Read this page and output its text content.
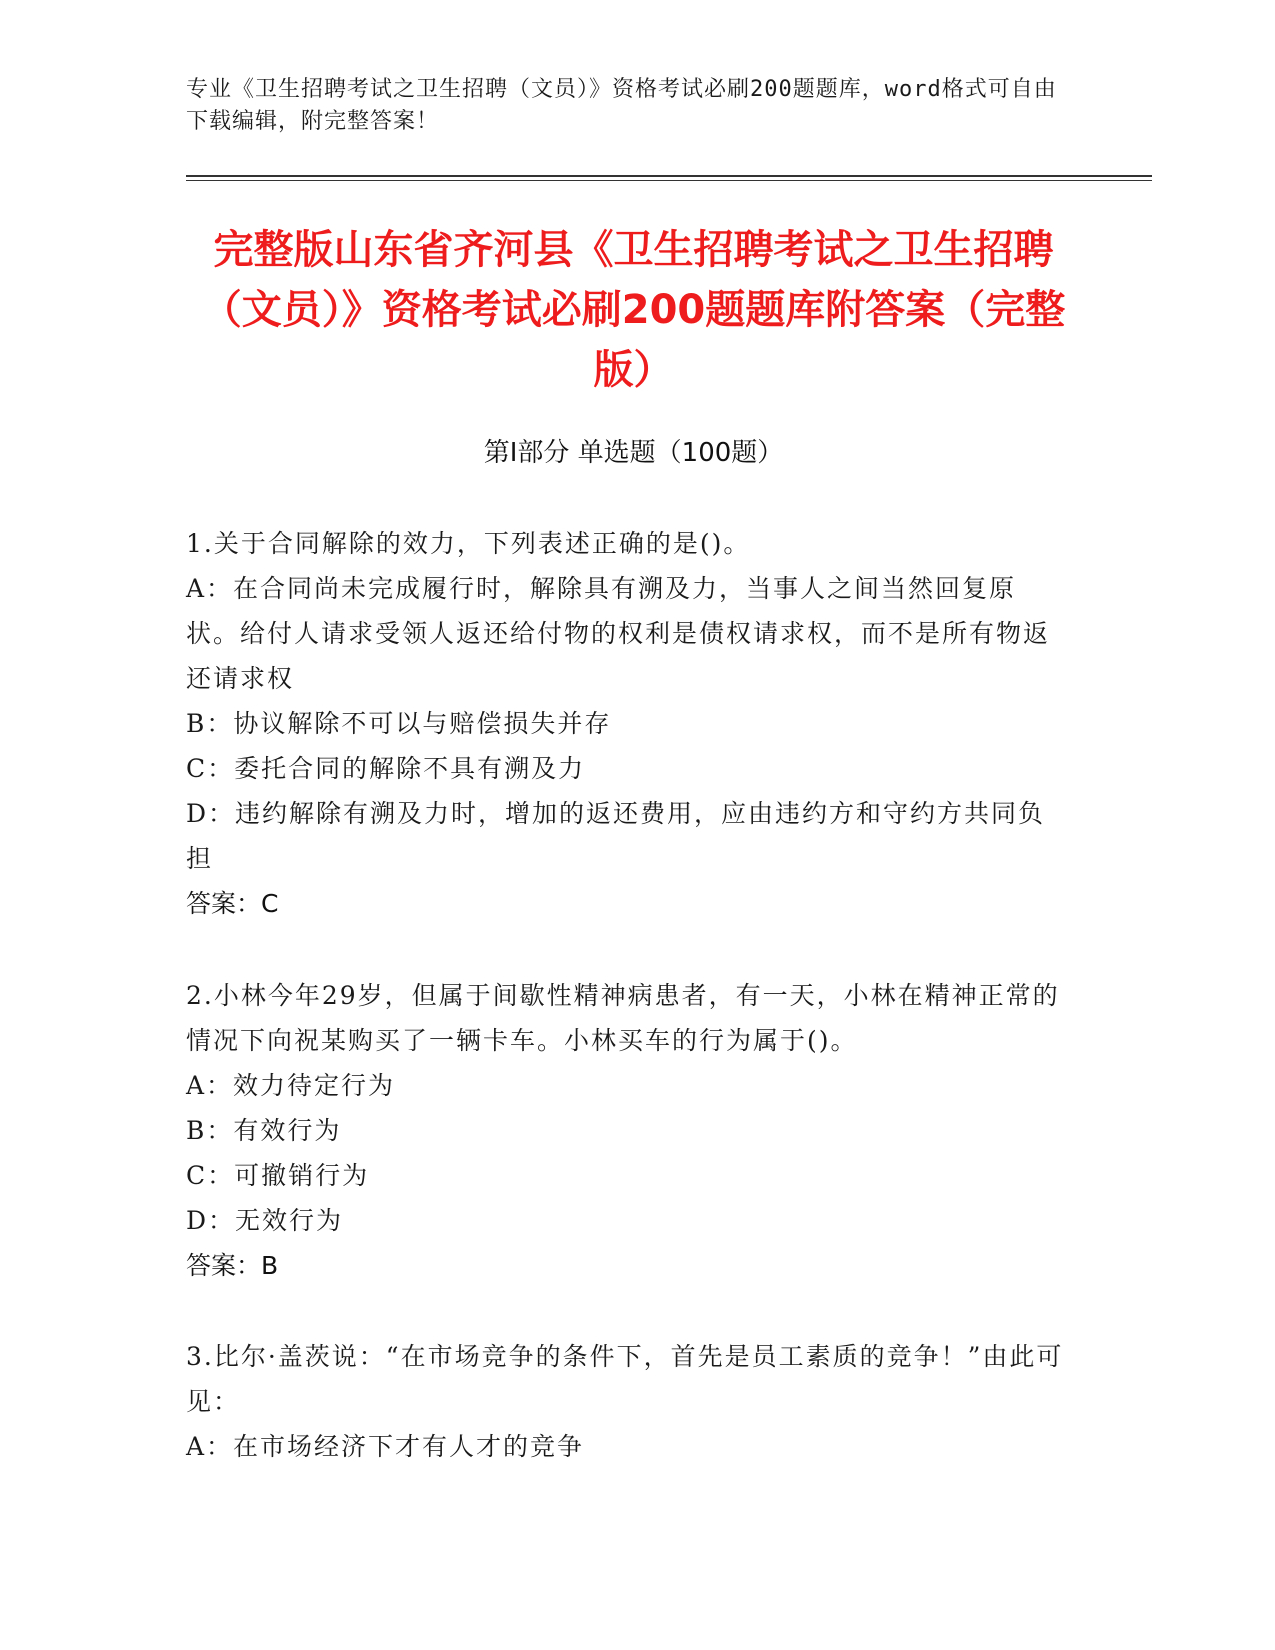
专业《卫生招聘考试之卫生招聘（文员）》资格考试必刷200题题库，word格式可自由下载编辑，附完整答案！
完整版山东省齐河县《卫生招聘考试之卫生招聘（文员）》资格考试必刷200题题库附答案（完整版）
第Ⅰ部分 单选题（100题）

1.关于合同解除的效力，下列表述正确的是()。

A：在合同尚未完成履行时，解除具有溯及力，当事人之间当然回复原状。给付人请求受领人返还给付物的权利是债权请求权，而不是所有物返还请求权

B：协议解除不可以与赔偿损失并存

C：委托合同的解除不具有溯及力

D：违约解除有溯及力时，增加的返还费用，应由违约方和守约方共同负担

答案：C

2.小林今年29岁，但属于间歇性精神病患者，有一天，小林在精神正常的情况下向祝某购买了一辆卡车。小林买车的行为属于()。

A：效力待定行为

B：有效行为

C：可撤销行为

D：无效行为

答案：B

3.比尔·盖茨说：“在市场竞争的条件下，首先是员工素质的竞争！”由此可见：

A：在市场经济下才有人才的竞争
